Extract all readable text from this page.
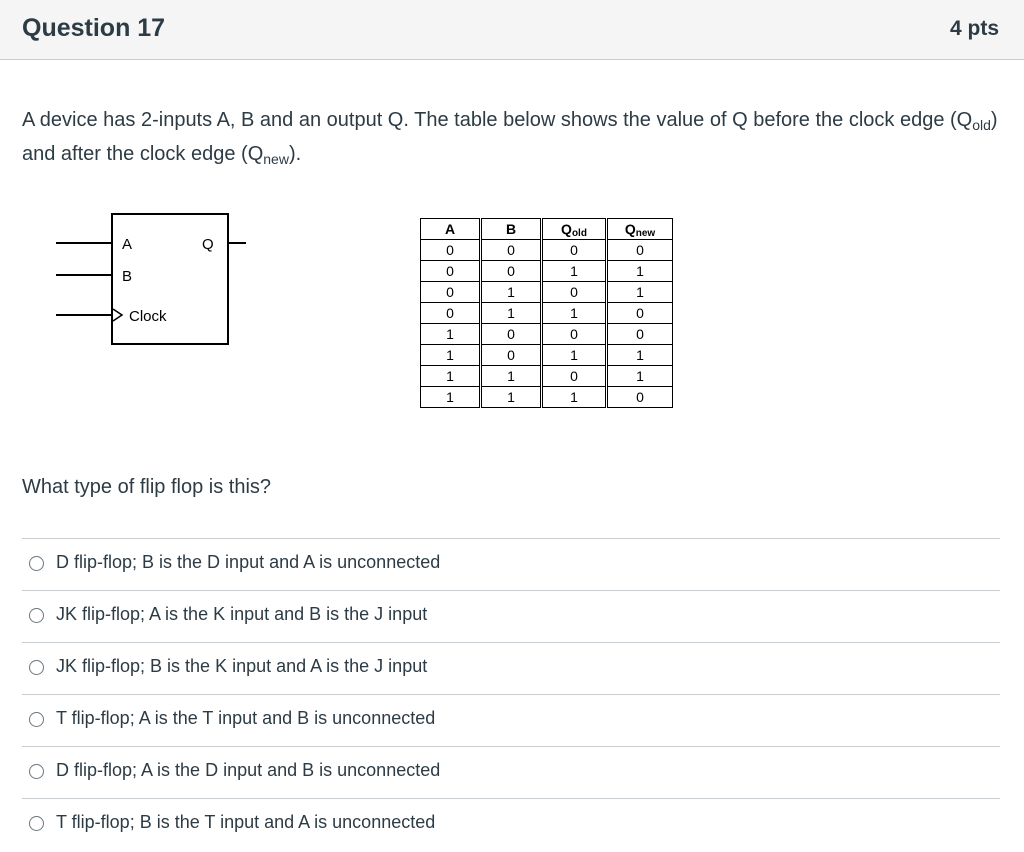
Question 17	4 pts
A device has 2-inputs A, B and an output Q. The table below shows the value of Q before the clock edge $(Q_{old})$ and after the clock edge $(Q_{new})$.
A
B
Clock
Q
A	B	$Q_{old}$	$Q_{new}$
0	0	0	0
0	0	1	1
0	1	0	1
0	1	1	0
1	0	0	0
1	0	1	1
1	1	0	1
1	1	1	0
What type of flip flop is this?
D flip-flop; B is the D input and A is unconnected
JK flip-flop; A is the K input and B is the J input
JK flip-flop; B is the K input and A is the J input
T flip-flop; A is the T input and B is unconnected
D flip-flop; A is the D input and B is unconnected
T flip-flop; B is the T input and A is unconnected
